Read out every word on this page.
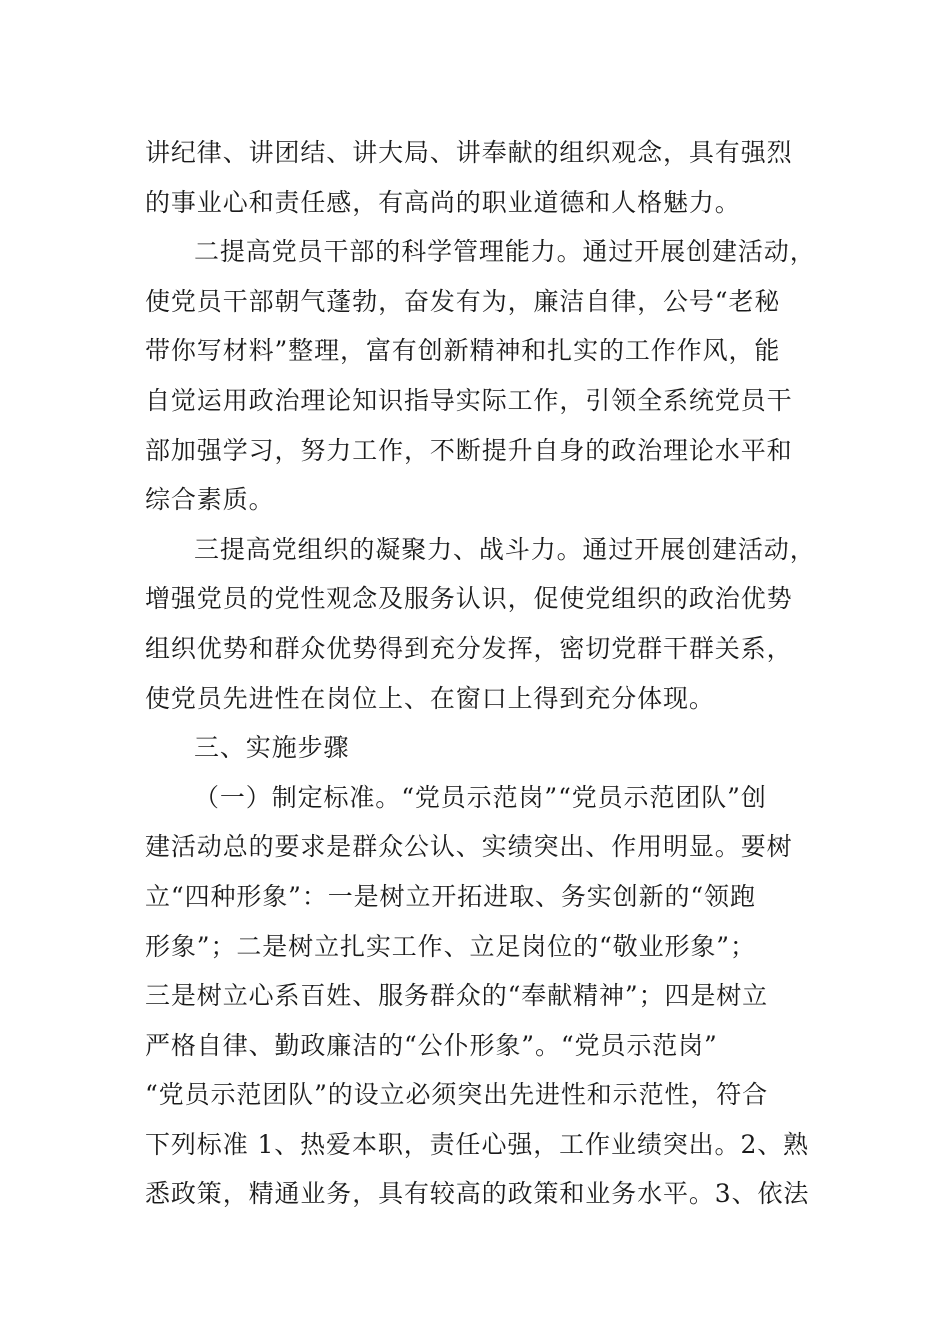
讲纪律、讲团结、讲大局、讲奉献的组织观念，具有强烈
的事业心和责任感，有高尚的职业道德和人格魅力。
二提高党员干部的科学管理能力。通过开展创建活动，
使党员干部朝气蓬勃，奋发有为，廉洁自律，公号“老秘
带你写材料”整理，富有创新精神和扎实的工作作风，能
自觉运用政治理论知识指导实际工作，引领全系统党员干
部加强学习，努力工作，不断提升自身的政治理论水平和
综合素质。
三提高党组织的凝聚力、战斗力。通过开展创建活动，
增强党员的党性观念及服务认识，促使党组织的政治优势
组织优势和群众优势得到充分发挥，密切党群干群关系，
使党员先进性在岗位上、在窗口上得到充分体现。
三、实施步骤
（一）制定标准。“党员示范岗”“党员示范团队”创
建活动总的要求是群众公认、实绩突出、作用明显。要树
立“四种形象”：一是树立开拓进取、务实创新的“领跑
形象”；二是树立扎实工作、立足岗位的“敬业形象”；
三是树立心系百姓、服务群众的“奉献精神”；四是树立
严格自律、勤政廉洁的“公仆形象”。“党员示范岗”
“党员示范团队”的设立必须突出先进性和示范性，符合
下列标准 1、热爱本职，责任心强，工作业绩突出。2、熟
悉政策，精通业务，具有较高的政策和业务水平。3、依法
